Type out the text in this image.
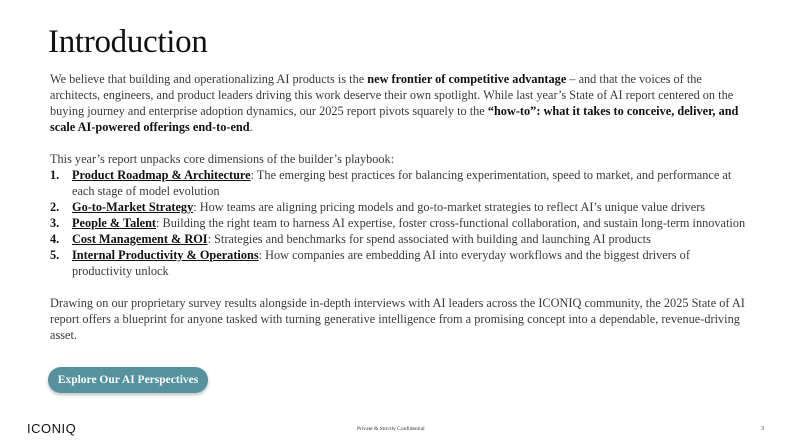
Introduction

We believe that building and operationalizing AI products is the new frontier of competitive advantage – and that the voices of the architects, engineers, and product leaders driving this work deserve their own spotlight. While last year’s State of AI report centered on the buying journey and enterprise adoption dynamics, our 2025 report pivots squarely to the “how-to”: what it takes to conceive, deliver, and scale AI-powered offerings end-to-end.

This year’s report unpacks core dimensions of the builder’s playbook:

1. Product Roadmap & Architecture: The emerging best practices for balancing experimentation, speed to market, and performance at each stage of model evolution
2. Go-to-Market Strategy: How teams are aligning pricing models and go-to-market strategies to reflect AI’s unique value drivers
3. People & Talent: Building the right team to harness AI expertise, foster cross-functional collaboration, and sustain long-term innovation
4. Cost Management & ROI: Strategies and benchmarks for spend associated with building and launching AI products
5. Internal Productivity & Operations: How companies are embedding AI into everyday workflows and the biggest drivers of productivity unlock

Drawing on our proprietary survey results alongside in-depth interviews with AI leaders across the ICONIQ community, the 2025 State of AI report offers a blueprint for anyone tasked with turning generative intelligence from a promising concept into a dependable, revenue-driving asset.

Explore Our AI Perspectives
ICONIQ	Private & Strictly Confidential	3
